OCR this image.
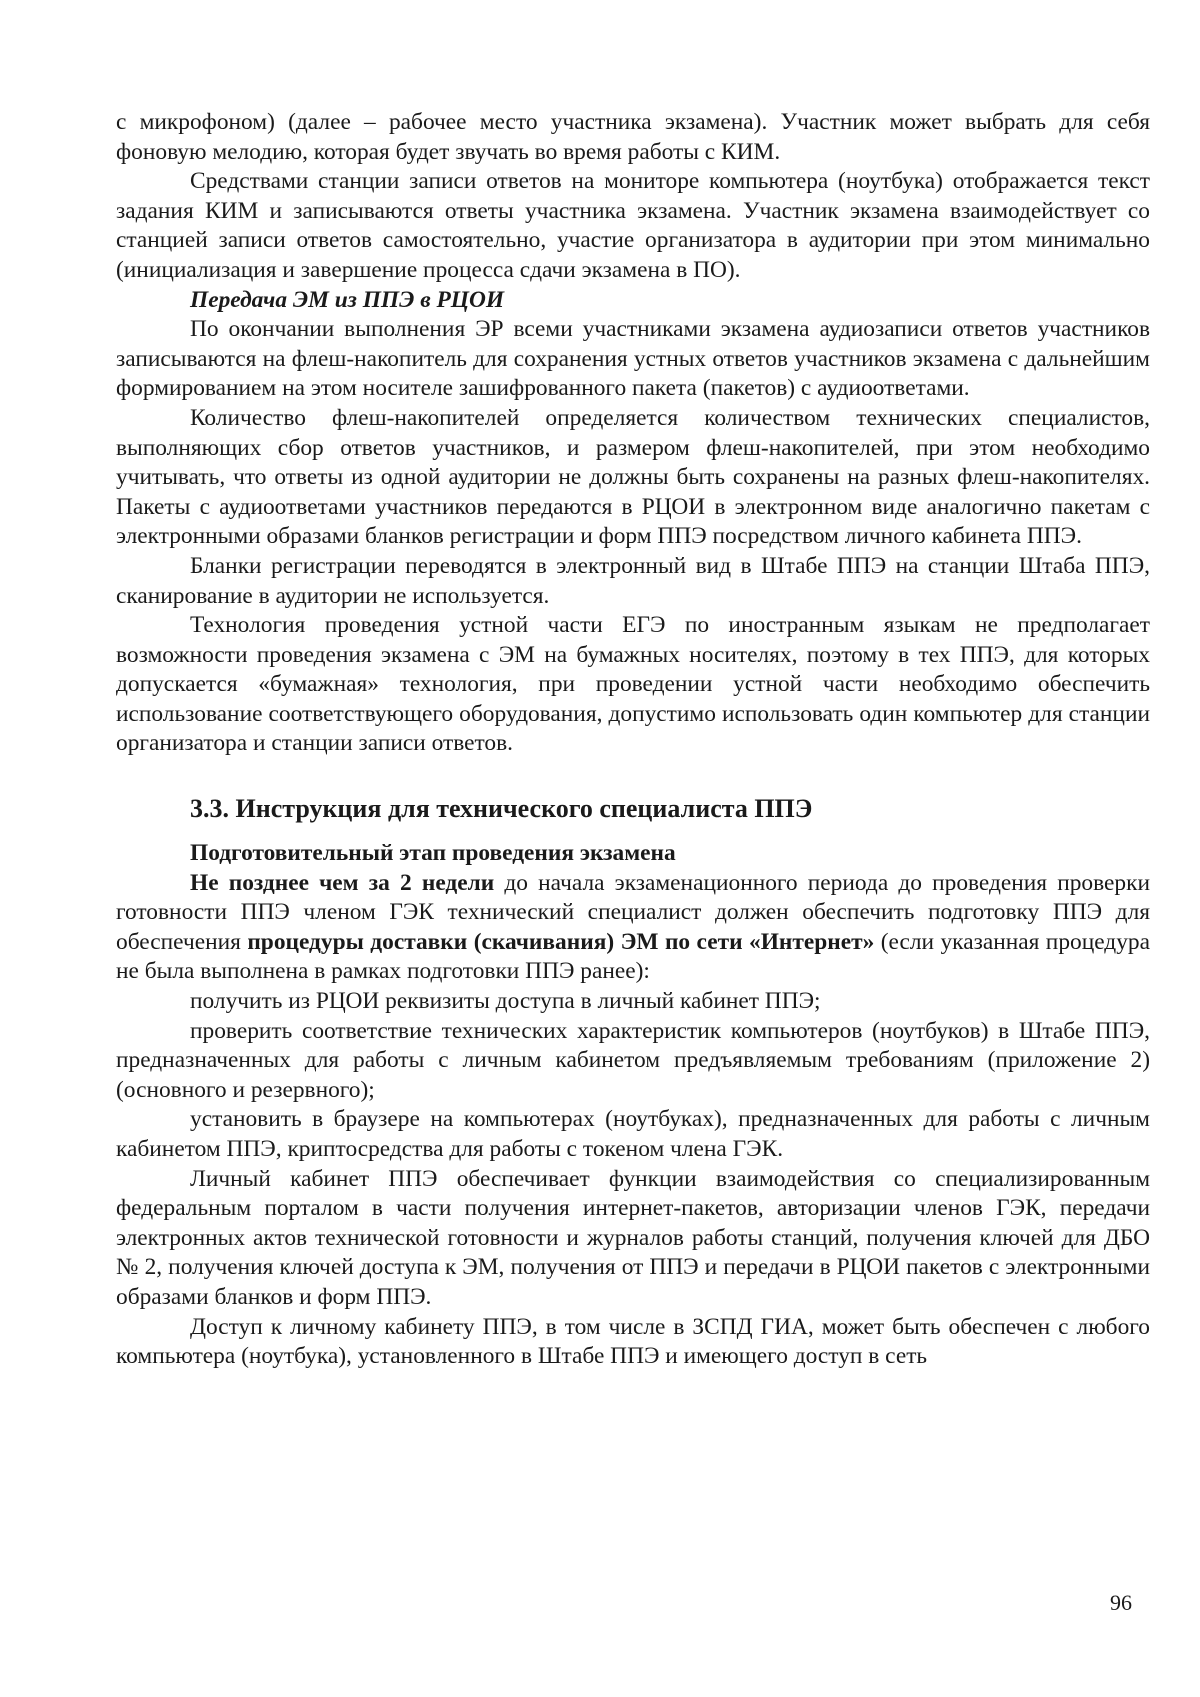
с микрофоном) (далее – рабочее место участника экзамена). Участник может выбрать для себя фоновую мелодию, которая будет звучать во время работы с КИМ.

Средствами станции записи ответов на мониторе компьютера (ноутбука) отображается текст задания КИМ и записываются ответы участника экзамена. Участник экзамена взаимодействует со станцией записи ответов самостоятельно, участие организатора в аудитории при этом минимально (инициализация и завершение процесса сдачи экзамена в ПО).

Передача ЭМ из ППЭ в РЦОИ

По окончании выполнения ЭР всеми участниками экзамена аудиозаписи ответов участников записываются на флеш-накопитель для сохранения устных ответов участников экзамена с дальнейшим формированием на этом носителе зашифрованного пакета (пакетов) с аудиоответами.

Количество флеш-накопителей определяется количеством технических специалистов, выполняющих сбор ответов участников, и размером флеш-накопителей, при этом необходимо учитывать, что ответы из одной аудитории не должны быть сохранены на разных флеш-накопителях. Пакеты с аудиоответами участников передаются в РЦОИ в электронном виде аналогично пакетам с электронными образами бланков регистрации и форм ППЭ посредством личного кабинета ППЭ.

Бланки регистрации переводятся в электронный вид в Штабе ППЭ на станции Штаба ППЭ, сканирование в аудитории не используется.

Технология проведения устной части ЕГЭ по иностранным языкам не предполагает возможности проведения экзамена с ЭМ на бумажных носителях, поэтому в тех ППЭ, для которых допускается «бумажная» технология, при проведении устной части необходимо обеспечить использование соответствующего оборудования, допустимо использовать один компьютер для станции организатора и станции записи ответов.

3.3. Инструкция для технического специалиста ППЭ

Подготовительный этап проведения экзамена

Не позднее чем за 2 недели до начала экзаменационного периода до проведения проверки готовности ППЭ членом ГЭК технический специалист должен обеспечить подготовку ППЭ для обеспечения процедуры доставки (скачивания) ЭМ по сети «Интернет» (если указанная процедура не была выполнена в рамках подготовки ППЭ ранее):

получить из РЦОИ реквизиты доступа в личный кабинет ППЭ;

проверить соответствие технических характеристик компьютеров (ноутбуков) в Штабе ППЭ, предназначенных для работы с личным кабинетом предъявляемым требованиям (приложение 2) (основного и резервного);

установить в браузере на компьютерах (ноутбуках), предназначенных для работы с личным кабинетом ППЭ, криптосредства для работы с токеном члена ГЭК.

Личный кабинет ППЭ обеспечивает функции взаимодействия со специализированным федеральным порталом в части получения интернет-пакетов, авторизации членов ГЭК, передачи электронных актов технической готовности и журналов работы станций, получения ключей для ДБО № 2, получения ключей доступа к ЭМ, получения от ППЭ и передачи в РЦОИ пакетов с электронными образами бланков и форм ППЭ.

Доступ к личному кабинету ППЭ, в том числе в ЗСПД ГИА, может быть обеспечен с любого компьютера (ноутбука), установленного в Штабе ППЭ и имеющего доступ в сеть

96
